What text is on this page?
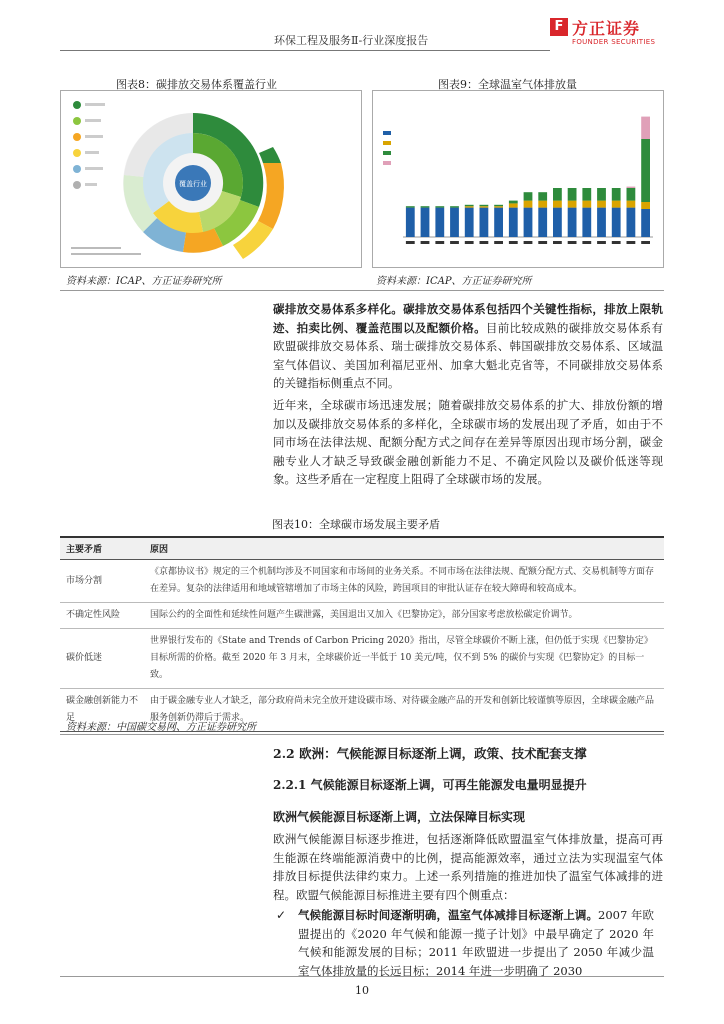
环保工程及服务Ⅱ-行业深度报告
F 方正证券
FOUNDER SECURITIES
图表8：碳排放交易体系覆盖行业
覆盖行业
资料来源：ICAP、方正证券研究所
图表9：全球温室气体排放量
资料来源：ICAP、方正证券研究所
碳排放交易体系多样化。碳排放交易体系包括四个关键性指标，排放上限轨迹、拍卖比例、覆盖范围以及配额价格。目前比较成熟的碳排放交易体系有欧盟碳排放交易体系、瑞士碳排放交易体系、韩国碳排放交易体系、区域温室气体倡议、美国加利福尼亚州、加拿大魁北克省等，不同碳排放交易体系的关键指标侧重点不同。
近年来，全球碳市场迅速发展；随着碳排放交易体系的扩大、排放份额的增加以及碳排放交易体系的多样化，全球碳市场的发展出现了矛盾，如由于不同市场在法律法规、配额分配方式之间存在差异等原因出现市场分割，碳金融专业人才缺乏导致碳金融创新能力不足、不确定风险以及碳价低迷等现象。这些矛盾在一定程度上阻碍了全球碳市场的发展。
图表10：全球碳市场发展主要矛盾
主要矛盾	原因
市场分割	《京都协议书》规定的三个机制均涉及不同国家和市场间的业务关系。不同市场在法律法规、配额分配方式、交易机制等方面存在差异。复杂的法律适用和地域管辖增加了市场主体的风险，跨国项目的审批认证存在较大障碍和较高成本。
不确定性风险	国际公约的全面性和延续性问题产生碳泄露，美国退出又加入《巴黎协定》，部分国家考虑放松碳定价调节。
碳价低迷	世界银行发布的《State and Trends of Carbon Pricing 2020》指出，尽管全球碳价不断上涨，但仍低于实现《巴黎协定》目标所需的价格。截至 2020 年 3 月末，全球碳价近一半低于 10 美元/吨，仅不到 5% 的碳价与实现《巴黎协定》的目标一致。
碳金融创新能力不足	由于碳金融专业人才缺乏，部分政府尚未完全放开建设碳市场、对待碳金融产品的开发和创新比较谨慎等原因，全球碳金融产品服务创新仍滞后于需求。
资料来源：中国碳交易网、方正证券研究所
2.2 欧洲：气候能源目标逐渐上调，政策、技术配套支撑
2.2.1 气候能源目标逐渐上调，可再生能源发电量明显提升
欧洲气候能源目标逐渐上调，立法保障目标实现
欧洲气候能源目标逐步推进，包括逐渐降低欧盟温室气体排放量，提高可再生能源在终端能源消费中的比例，提高能源效率，通过立法为实现温室气体排放目标提供法律约束力。上述一系列措施的推进加快了温室气体减排的进程。欧盟气候能源目标推进主要有四个侧重点：
✓ 气候能源目标时间逐渐明确，温室气体减排目标逐渐上调。2007 年欧盟提出的《2020 年气候和能源一揽子计划》中最早确定了 2020 年气候和能源发展的目标；2011 年欧盟进一步提出了 2050 年减少温室气体排放量的长远目标；2014 年进一步明确了 2030
10
